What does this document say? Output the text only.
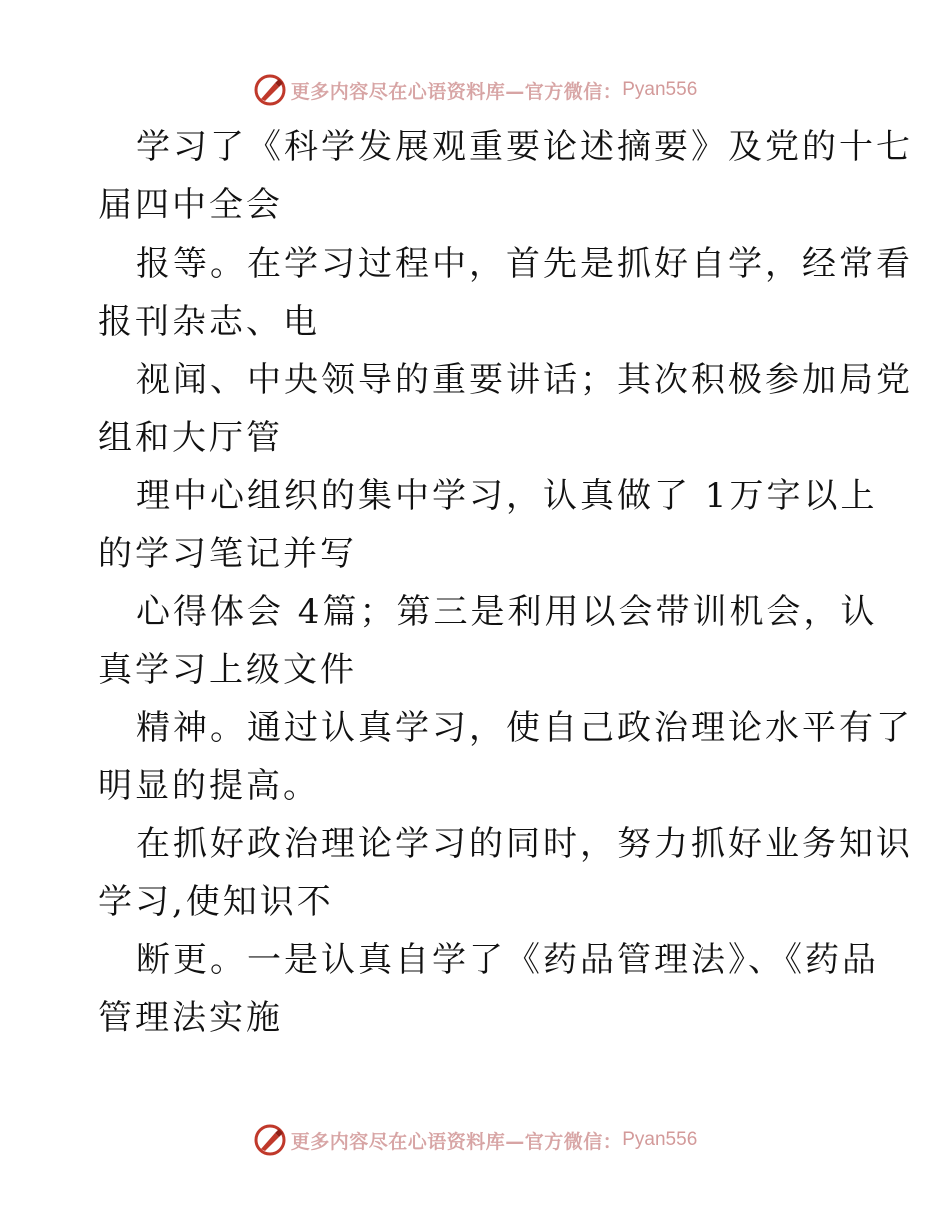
更多内容尽在心语资料库—官方微信： Pyan556
学习了《科学发展观重要论述摘要》及党的十七
届四中全会
报等。在学习过程中，首先是抓好自学，经常看
报刊杂志、电
视闻、中央领导的重要讲话；其次积极参加局党
组和大厅管
理中心组织的集中学习，认真做了 1万字以上
的学习笔记并写
心得体会 4篇；第三是利用以会带训机会，认
真学习上级文件
精神。通过认真学习，使自己政治理论水平有了
明显的提高。
在抓好政治理论学习的同时，努力抓好业务知识
学习,使知识不
断更。一是认真自学了《药品管理法》、《药品
管理法实施
更多内容尽在心语资料库—官方微信： Pyan556
